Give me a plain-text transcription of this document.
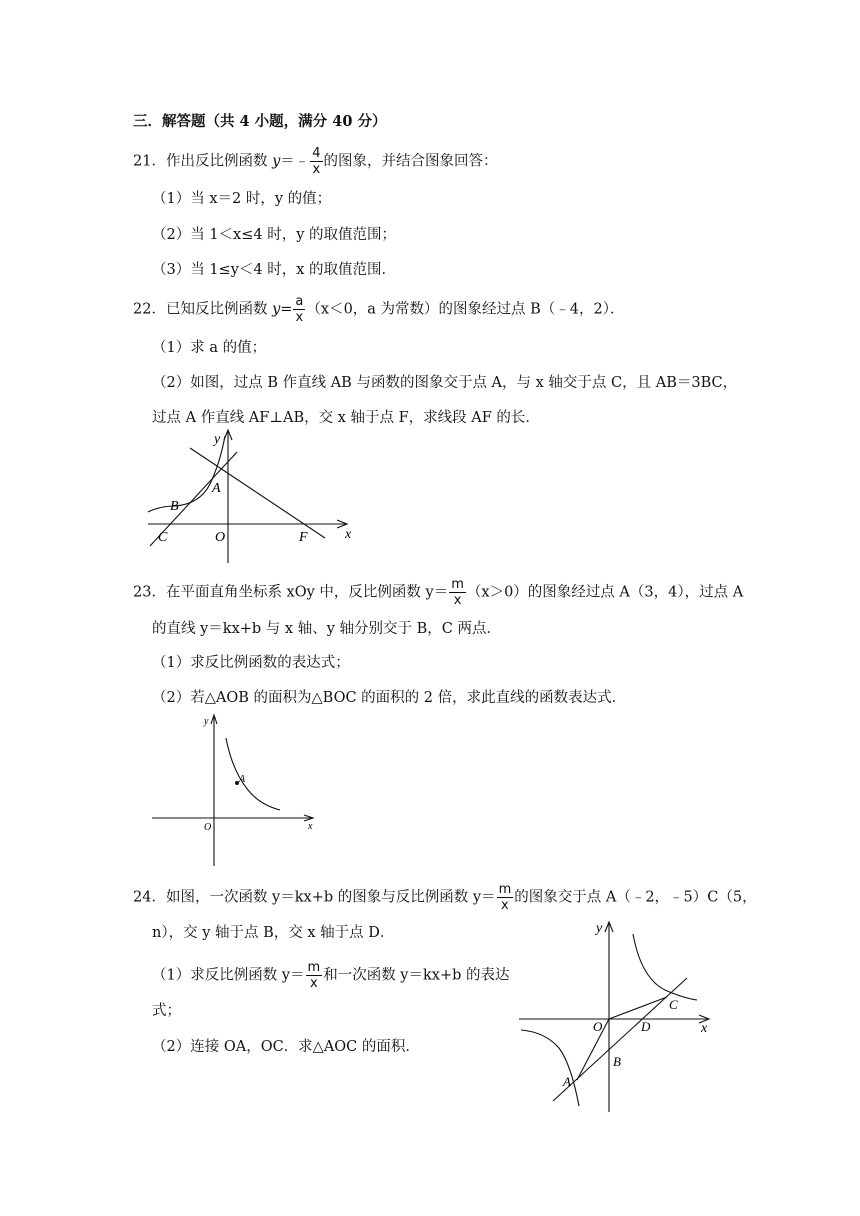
三．解答题（共 4 小题，满分 40 分）
21．作出反比例函数 y＝﹣ $\frac{4}{x}$ 的图象，并结合图象回答：
（1）当 x＝2 时，y 的值；
（2）当 1＜x≤4 时，y 的取值范围；
（3）当 1≤y＜4 时，x 的取值范围．
22．已知反比例函数 $y= \frac{a}{x} (x<0$，a 为常数）的图象经过点 B（﹣4，2）．
（1）求 a 的值；
（2）如图，过点 B 作直线 AB 与函数的图象交于点 A，与 x 轴交于点 C，且 AB＝3BC，
过点 A 作直线 AF⊥AB，交 x 轴于点 F，求线段 AF 的长．
y
x
A
B
C	O	F
23．在平面直角坐标系 xOy 中，反比例函数 $y= \frac{m}{x} (x>0)$的图象经过点 A（3，4），过点 A
的直线 y＝kx+b 与 x 轴、y 轴分别交于 B，C 两点．
（1）求反比例函数的表达式；
（2）若△AOB 的面积为△BOC 的面积的 2 倍，求此直线的函数表达式．
y
x
A
O
24．如图，一次函数 y＝kx+b 的图象与反比例函数 $y= \frac{m}{x}$ 的图象交于点 A（﹣2，﹣5）C（5，
n），交 y 轴于点 B，交 x 轴于点 D．
（1）求反比例函数 $y= \frac{m}{x}$ 和一次函数 y＝kx+b 的表达
式；
（2）连接 OA，OC．求△AOC 的面积．
y
x
O	D
C
B
A
